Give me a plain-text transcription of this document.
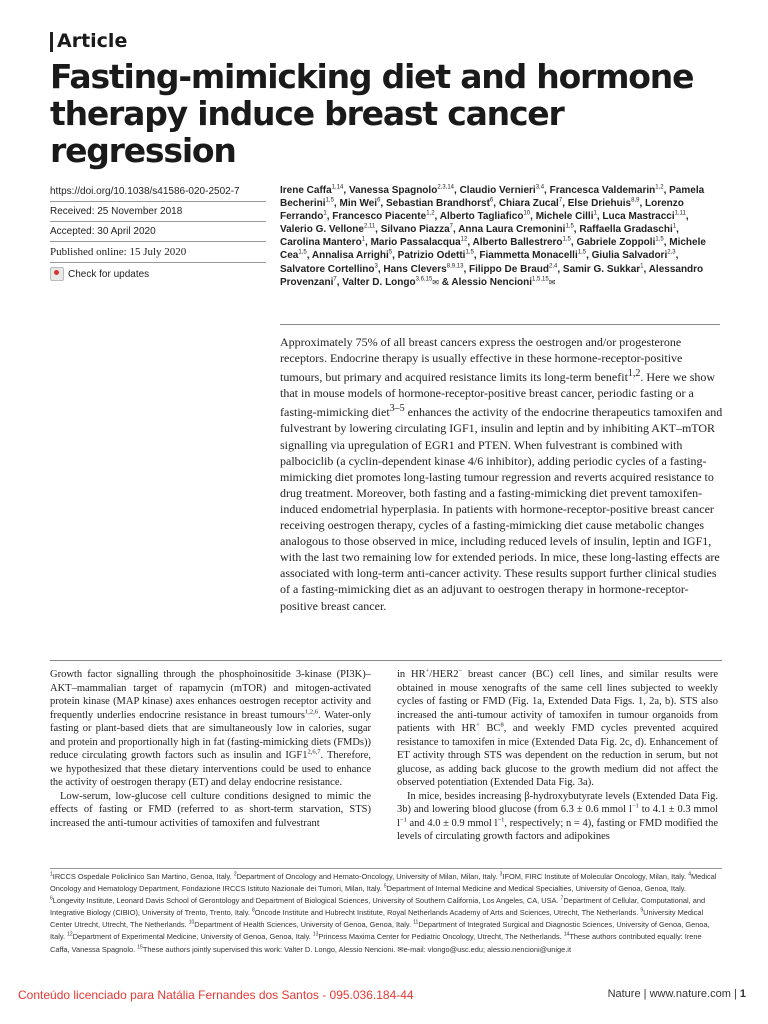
Article
Fasting-mimicking diet and hormone therapy induce breast cancer regression
https://doi.org/10.1038/s41586-020-2502-7
Received: 25 November 2018
Accepted: 30 April 2020
Published online: 15 July 2020
Check for updates
Irene Caffa$^{1,14}$, Vanessa Spagnolo$^{2,3,14}$, Claudio Vernieri$^{3,4}$, Francesca Valdemarin$^{1,2}$, Pamela Becherini$^{1,5}$, Min Wei$^6$, Sebastian Brandhorst$^6$, Chiara Zucal$^7$, Else Driehuis$^{8,9}$, Lorenzo Ferrando$^1$, Francesco Piacente$^{1,2}$, Alberto Tagliafico$^{10}$, Michele Cilli$^1$, Luca Mastracci$^{1,11}$, Valerio G. Vellone$^{2,11}$, Silvano Piazza$^7$, Anna Laura Cremonini$^{1,5}$, Raffaella Gradaschi$^1$, Carolina Mantero$^1$, Mario Passalacqua$^{12}$, Alberto Ballestrero$^{1,5}$, Gabriele Zoppoli$^{1,5}$, Michele Cea$^{1,5}$, Annalisa Arrighi$^5$, Patrizio Odetti$^{1,5}$, Fiammetta Monacelli$^{1,5}$, Giulia Salvadori$^{2,3}$, Salvatore Cortellino$^3$, Hans Clevers$^{8,9,13}$, Filippo De Braud$^{2,4}$, Samir G. Sukkar$^1$, Alessandro Provenzani$^7$, Valter D. Longo$^{3,6,15}$✉ & Alessio Nencioni$^{1,5,15}$✉

Approximately 75% of all breast cancers express the oestrogen and/or progesterone receptors. Endocrine therapy is usually effective in these hormone-receptor-positive tumours, but primary and acquired resistance limits its long-term benefit$^{1,2}$. Here we show that in mouse models of hormone-receptor-positive breast cancer, periodic fasting or a fasting-mimicking diet$^{3-5}$ enhances the activity of the endocrine therapeutics tamoxifen and fulvestrant by lowering circulating IGF1, insulin and leptin and by inhibiting AKT–mTOR signalling via upregulation of EGR1 and PTEN. When fulvestrant is combined with palbociclib (a cyclin-dependent kinase 4/6 inhibitor), adding periodic cycles of a fasting-mimicking diet promotes long-lasting tumour regression and reverts acquired resistance to drug treatment. Moreover, both fasting and a fasting-mimicking diet prevent tamoxifen-induced endometrial hyperplasia. In patients with hormone-receptor-positive breast cancer receiving oestrogen therapy, cycles of a fasting-mimicking diet cause metabolic changes analogous to those observed in mice, including reduced levels of insulin, leptin and IGF1, with the last two remaining low for extended periods. In mice, these long-lasting effects are associated with long-term anti-cancer activity. These results support further clinical studies of a fasting-mimicking diet as an adjuvant to oestrogen therapy in hormone-receptor-positive breast cancer.

Growth factor signalling through the phosphoinositide 3-kinase (PI3K)–AKT–mammalian target of rapamycin (mTOR) and mitogen-activated protein kinase (MAP kinase) axes enhances oestrogen receptor activity and frequently underlies endocrine resistance in breast tumours$^{1,2,6}$. Water-only fasting or plant-based diets that are simultaneously low in calories, sugar and protein and proportionally high in fat (fasting-mimicking diets (FMDs)) reduce circulating growth factors such as insulin and IGF1$^{2,6,7}$. Therefore, we hypothesized that these dietary interventions could be used to enhance the activity of oestrogen therapy (ET) and delay endocrine resistance.

Low-serum, low-glucose cell culture conditions designed to mimic the effects of fasting or FMD (referred to as short-term starvation, STS) increased the anti-tumour activities of tamoxifen and fulvestrant

in HR+/HER2− breast cancer (BC) cell lines, and similar results were obtained in mouse xenografts of the same cell lines subjected to weekly cycles of fasting or FMD (Fig. 1a, Extended Data Figs. 1, 2a, b). STS also increased the anti-tumour activity of tamoxifen in tumour organoids from patients with HR+ $BC^8$, and weekly FMD cycles prevented acquired resistance to tamoxifen in mice (Extended Data Fig. 2c, d). Enhancement of ET activity through STS was dependent on the reduction in serum, but not glucose, as adding back glucose to the growth medium did not affect the observed potentiation (Extended Data Fig. 3a).

In mice, besides increasing β-hydroxybutyrate levels (Extended Data Fig. 3b) and lowering blood glucose (from 6.3 ± 0.6 mmol $l^{-1}$ to 4.1 ± 0.3 mmol $l^{-1}$ and 4.0 ± 0.9 mmol $l^{-1}$, respectively; n = 4), fasting or FMD modified the levels of circulating growth factors and adipokines

$^1$IRCCS Ospedale Policlinico San Martino, Genoa, Italy. $^2$Department of Oncology and Hemato-Oncology, University of Milan, Milan, Italy. $^3$IFOM, FIRC Institute of Molecular Oncology, Milan, Italy. $^4$Medical Oncology and Hematology Department, Fondazione IRCCS Istituto Nazionale dei Tumori, Milan, Italy. $^5$Department of Internal Medicine and Medical Specialties, University of Genoa, Genoa, Italy. $^6$Longevity Institute, Leonard Davis School of Gerontology and Department of Biological Sciences, University of Southern California, Los Angeles, CA, USA. $^7$Department of Cellular, Computational, and Integrative Biology (CIBIO), University of Trento, Trento, Italy. $^8$Oncode Institute and Hubrecht Institute, Royal Netherlands Academy of Arts and Sciences, Utrecht, The Netherlands. $^9$University Medical Center Utrecht, Utrecht, The Netherlands. $^{10}$Department of Health Sciences, University of Genoa, Genoa, Italy. $^{11}$Department of Integrated Surgical and Diagnostic Sciences, University of Genoa, Genoa, Italy. $^{12}$Department of Experimental Medicine, University of Genoa, Genoa, Italy. $^{13}$Princess Maxima Center for Pediatric Oncology, Utrecht, The Netherlands. $^{14}$These authors contributed equally: Irene Caffa, Vanessa Spagnolo. $^{15}$These authors jointly supervised this work: Valter D. Longo, Alessio Nencioni. ✉e-mail: vlongo@usc.edu; alessio.nencioni@unige.it
Conteúdo licenciado para Natália Fernandes dos Santos - 095.036.184-44	Nature | www.nature.com | 1
